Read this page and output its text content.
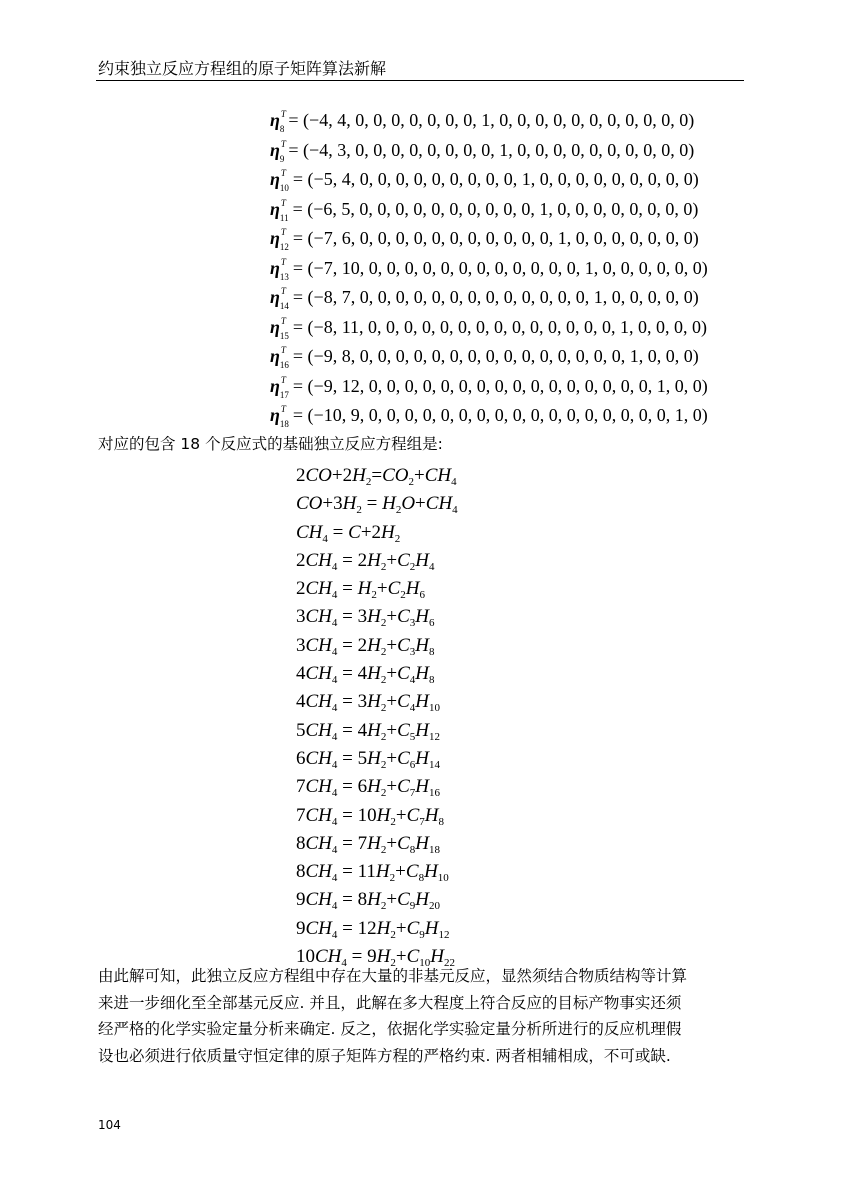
约束独立反应方程组的原子矩阵算法新解
$\eta^T_8 = (-4$, 4, 0, 0, 0, 0, 0, 0, 0, 1, 0, 0, 0, 0, 0, 0, 0, 0, 0, 0, 0)
$\eta^T_9 = (-4$, 3, 0, 0, 0, 0, 0, 0, 0, 0, 1, 0, 0, 0, 0, 0, 0, 0, 0, 0, 0)
$\eta^T_{10} = (-5$, 4, 0, 0, 0, 0, 0, 0, 0, 0, 0, 1, 0, 0, 0, 0, 0, 0, 0, 0, 0)
$\eta^T_{11} = (-6$, 5, 0, 0, 0, 0, 0, 0, 0, 0, 0, 0, 1, 0, 0, 0, 0, 0, 0, 0, 0)
$\eta^T_{12} = (-7$, 6, 0, 0, 0, 0, 0, 0, 0, 0, 0, 0, 0, 1, 0, 0, 0, 0, 0, 0, 0)
$\eta^T_{13} = (-7$, 10, 0, 0, 0, 0, 0, 0, 0, 0, 0, 0, 0, 0, 1, 0, 0, 0, 0, 0, 0)
$\eta^T_{14} = (-8$, 7, 0, 0, 0, 0, 0, 0, 0, 0, 0, 0, 0, 0, 0, 1, 0, 0, 0, 0, 0)
$\eta^T_{15} = (-8$, 11, 0, 0, 0, 0, 0, 0, 0, 0, 0, 0, 0, 0, 0, 0, 1, 0, 0, 0, 0)
$\eta^T_{16} = (-9$, 8, 0, 0, 0, 0, 0, 0, 0, 0, 0, 0, 0, 0, 0, 0, 0, 1, 0, 0, 0)
$\eta^T_{17} = (-9$, 12, 0, 0, 0, 0, 0, 0, 0, 0, 0, 0, 0, 0, 0, 0, 0, 0, 1, 0, 0)
$\eta^T_{18} = (-10$, 9, 0, 0, 0, 0, 0, 0, 0, 0, 0, 0, 0, 0, 0, 0, 0, 0, 0, 1, 0)
对应的包含 18 个反应式的基础独立反应方程组是:
$2CO+2H_2=CO_2+CH_4$
$CO+3H_2 = H_2O+CH_4$
$CH_4 = C+2H_2$
$2CH_4 = 2H_2+C_2H_4$
$2CH_4 = H_2+C_2H_6$
$3CH_4 = 3H_2+C_3H_6$
$3CH_4 = 2H_2+C_3H_8$
$4CH_4 = 4H_2+C_4H_8$
$4CH_4 = 3H_2+C_4H_{10}$
$5CH_4 = 4H_2+C_5H_{12}$
$6CH_4 = 5H_2+C_6H_{14}$
$7CH_4 = 6H_2+C_7H_{16}$
$7CH_4 = 10H_2+C_7H_8$
$8CH_4 = 7H_2+C_8H_{18}$
$8CH_4 = 11H_2+C_8H_{10}$
$9CH_4 = 8H_2+C_9H_{20}$
$9CH_4 = 12H_2+C_9H_{12}$
$10CH_4 = 9H_2+C_{10}H_{22}$
由此解可知，此独立反应方程组中存在大量的非基元反应，显然须结合物质结构等计算
来进一步细化至全部基元反应. 并且，此解在多大程度上符合反应的目标产物事实还须
经严格的化学实验定量分析来确定. 反之，依据化学实验定量分析所进行的反应机理假
设也必须进行依质量守恒定律的原子矩阵方程的严格约束. 两者相辅相成，不可或缺.
104
